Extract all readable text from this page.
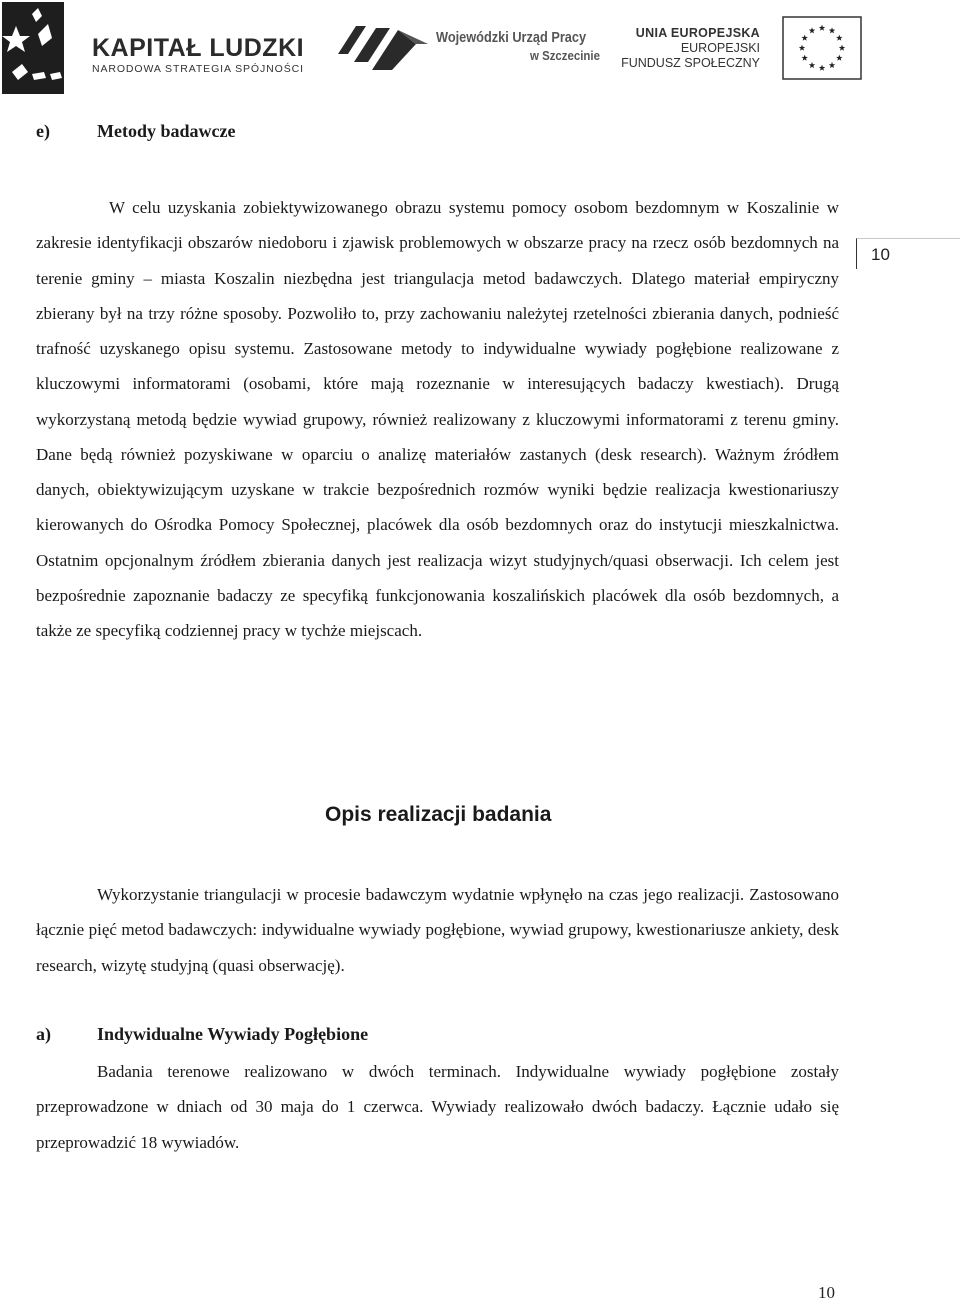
KAPITAŁ LUDZKI
NARODOWA STRATEGIA SPÓJNOŚCI
Wojewódzki Urząd Pracy
w Szczecinie
UNIA EUROPEJSKA
EUROPEJSKI
FUNDUSZ SPOŁECZNY
10
e)	Metody badawcze

W celu uzyskania zobiektywizowanego obrazu systemu pomocy osobom bezdomnym w Koszalinie w zakresie identyfikacji obszarów niedoboru i zjawisk problemowych w obszarze pracy na rzecz osób bezdomnych na terenie gminy – miasta Koszalin niezbędna jest triangulacja metod badawczych. Dlatego materiał empiryczny zbierany był na trzy różne sposoby. Pozwoliło to, przy zachowaniu należytej rzetelności zbierania danych, podnieść trafność uzyskanego opisu systemu. Zastosowane metody to indywidualne wywiady pogłębione realizowane z kluczowymi informatorami (osobami, które mają rozeznanie w interesujących badaczy kwestiach). Drugą wykorzystaną metodą będzie wywiad grupowy, również realizowany z kluczowymi informatorami z terenu gminy. Dane będą również pozyskiwane w oparciu o analizę materiałów zastanych (desk research). Ważnym źródłem danych, obiektywizującym uzyskane w trakcie bezpośrednich rozmów wyniki będzie realizacja kwestionariuszy kierowanych do Ośrodka Pomocy Społecznej, placówek dla osób bezdomnych oraz do instytucji mieszkalnictwa. Ostatnim opcjonalnym źródłem zbierania danych jest realizacja wizyt studyjnych/quasi obserwacji. Ich celem jest bezpośrednie zapoznanie badaczy ze specyfiką funkcjonowania koszalińskich placówek dla osób bezdomnych, a także ze specyfiką codziennej pracy w tychże miejscach.

Opis realizacji badania

Wykorzystanie triangulacji w procesie badawczym wydatnie wpłynęło na czas jego realizacji. Zastosowano łącznie pięć metod badawczych: indywidualne wywiady pogłębione, wywiad grupowy, kwestionariusze ankiety, desk research, wizytę studyjną (quasi obserwację).

a)	Indywidualne Wywiady Pogłębione

Badania terenowe realizowano w dwóch terminach. Indywidualne wywiady pogłębione zostały przeprowadzone w dniach od 30 maja do 1 czerwca. Wywiady realizowało dwóch badaczy. Łącznie udało się przeprowadzić 18 wywiadów.

10
